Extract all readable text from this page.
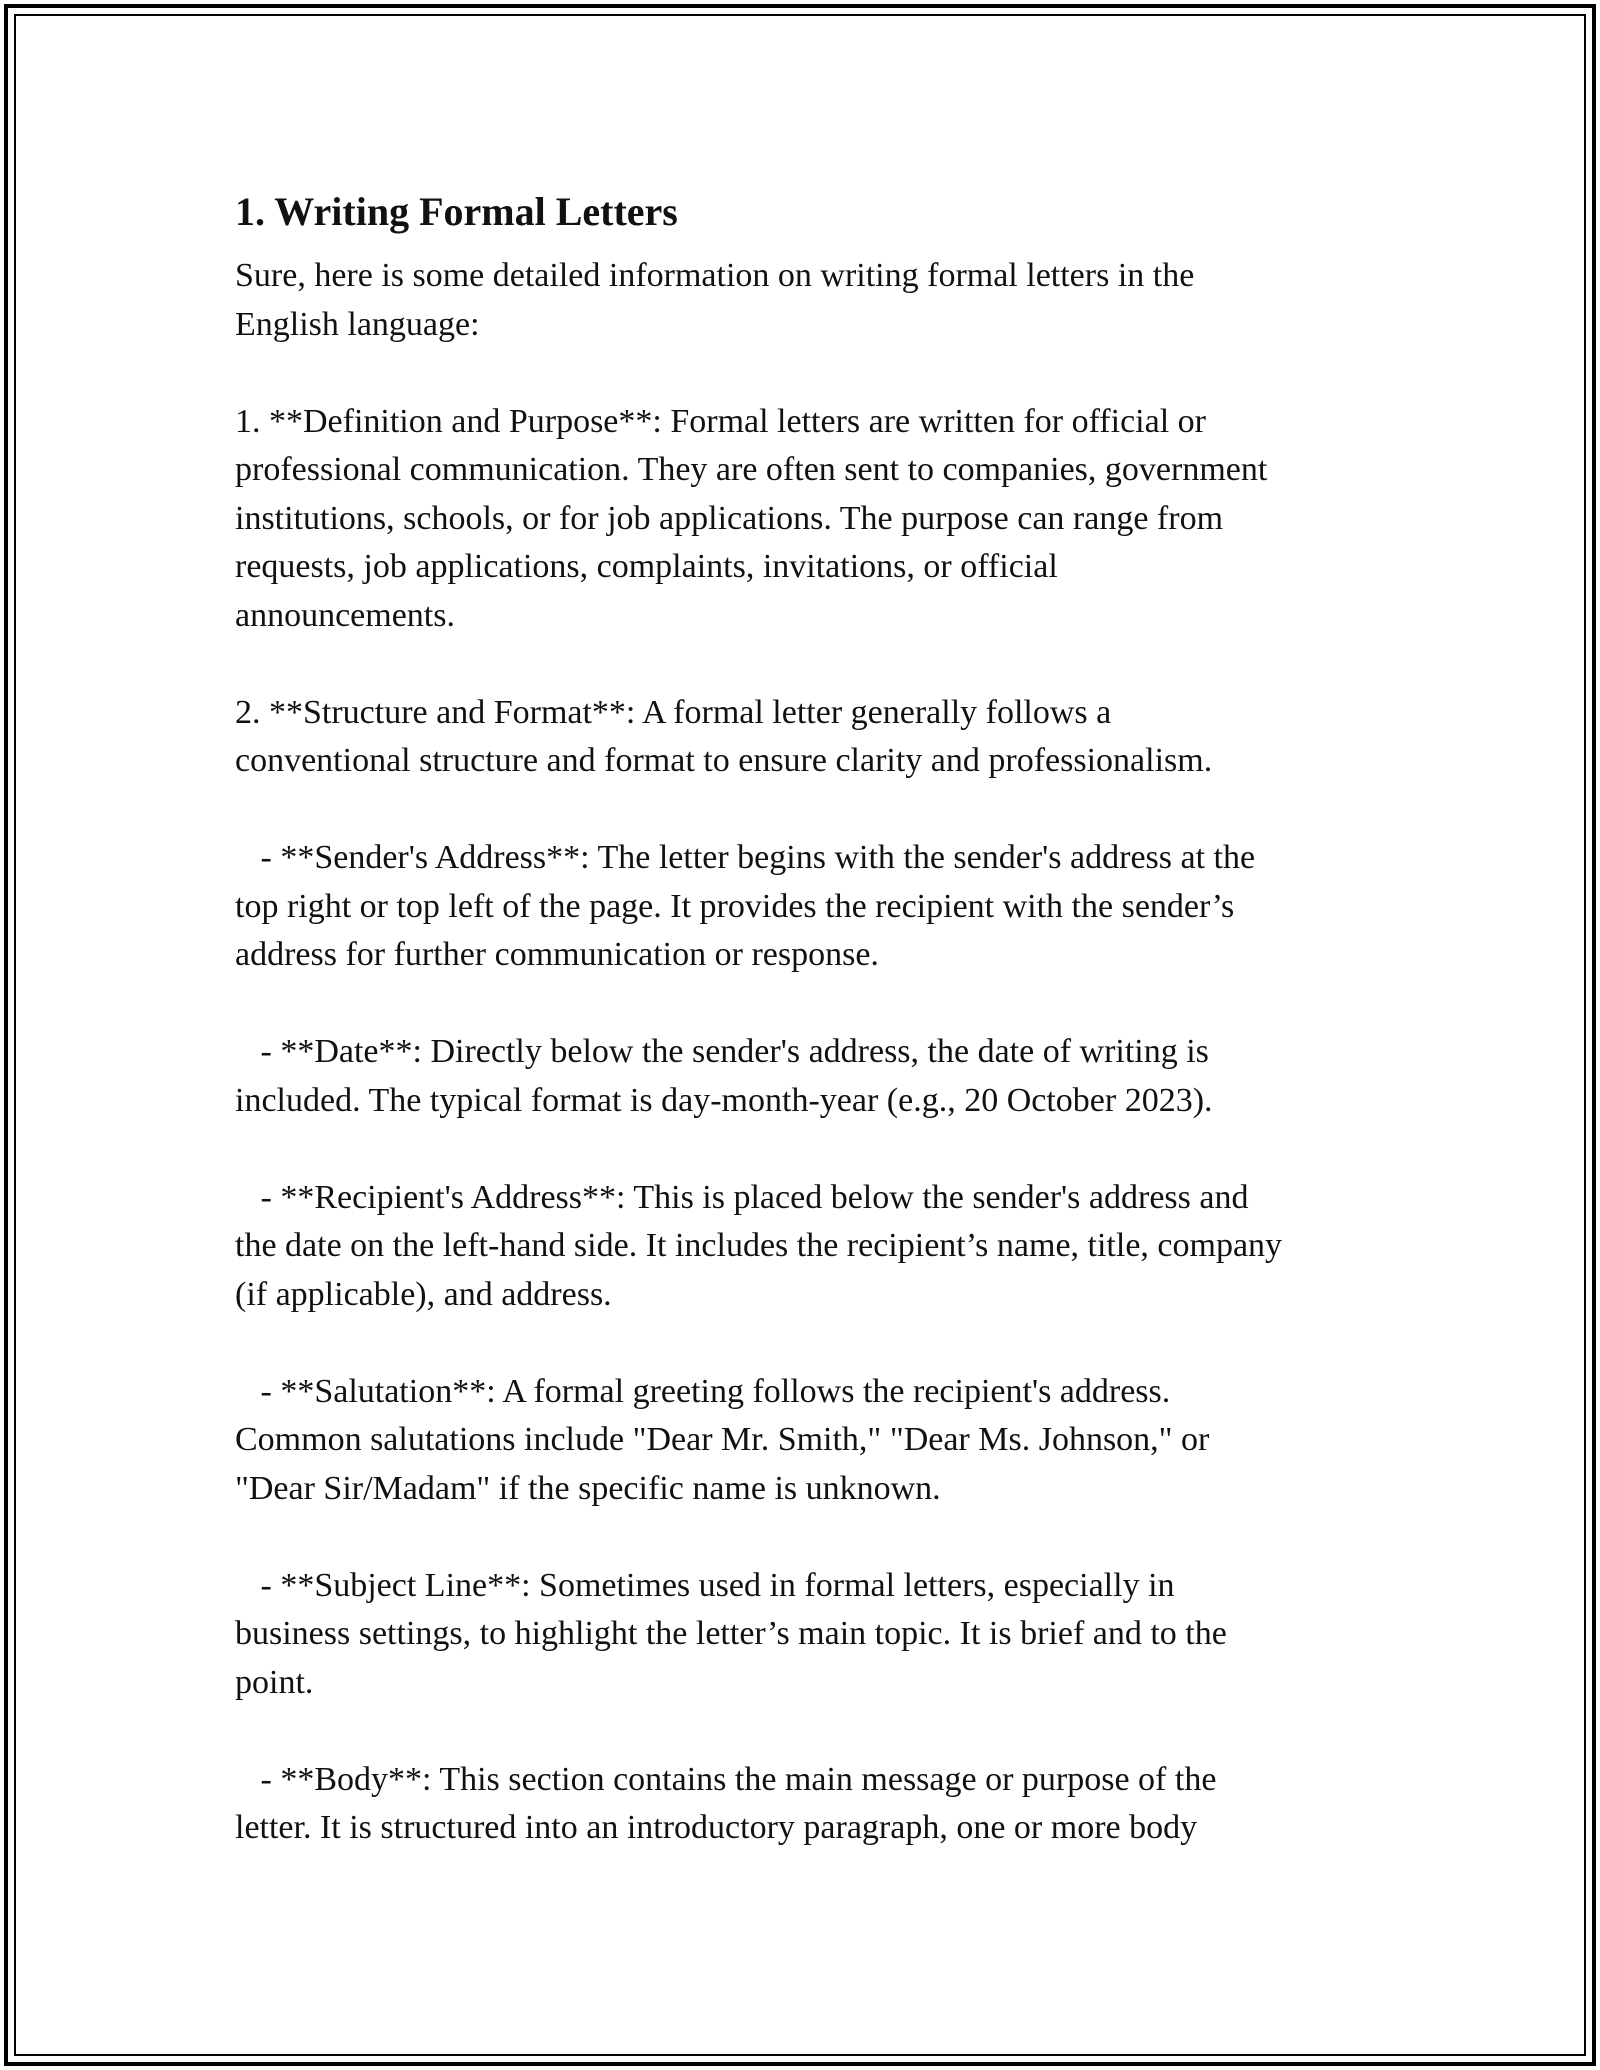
1. Writing Formal Letters

Sure, here is some detailed information on writing formal letters in the
English language:

1. **Definition and Purpose**: Formal letters are written for official or
professional communication. They are often sent to companies, government
institutions, schools, or for job applications. The purpose can range from
requests, job applications, complaints, invitations, or official
announcements.

2. **Structure and Format**: A formal letter generally follows a
conventional structure and format to ensure clarity and professionalism.

- **Sender's Address**: The letter begins with the sender's address at the
top right or top left of the page. It provides the recipient with the sender’s
address for further communication or response.

- **Date**: Directly below the sender's address, the date of writing is
included. The typical format is day-month-year (e.g., 20 October 2023).

- **Recipient's Address**: This is placed below the sender's address and
the date on the left-hand side. It includes the recipient’s name, title, company
(if applicable), and address.

- **Salutation**: A formal greeting follows the recipient's address.
Common salutations include "Dear Mr. Smith," "Dear Ms. Johnson," or
"Dear Sir/Madam" if the specific name is unknown.

- **Subject Line**: Sometimes used in formal letters, especially in
business settings, to highlight the letter’s main topic. It is brief and to the
point.

- **Body**: This section contains the main message or purpose of the
letter. It is structured into an introductory paragraph, one or more body
